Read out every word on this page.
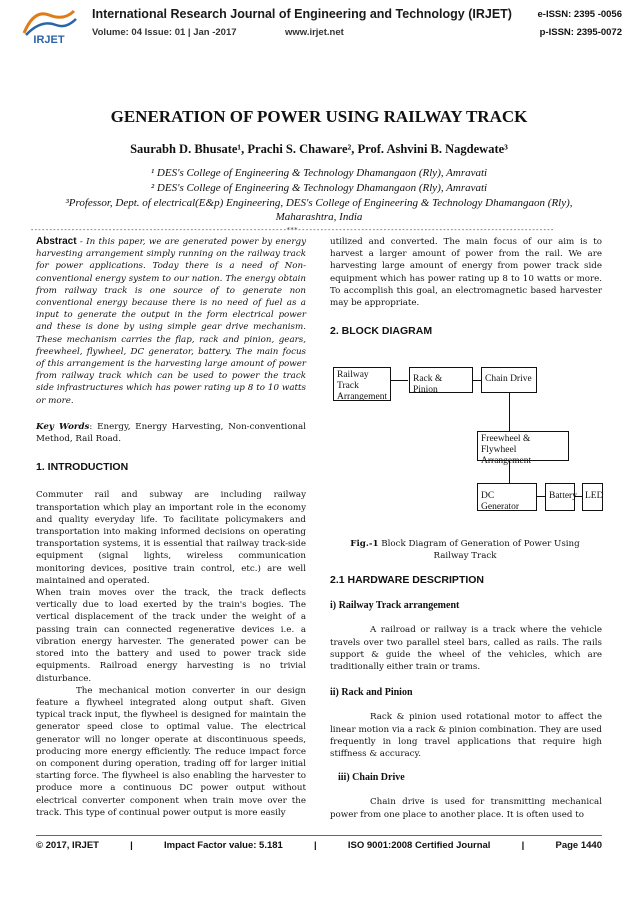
IRJET
International Research Journal of Engineering and Technology (IRJET)
Volume: 04 Issue: 01 | Jan -2017	www.irjet.net
e-ISSN: 2395 -0056
p-ISSN: 2395-0072
GENERATION OF POWER USING RAILWAY TRACK
Saurabh D. Bhusate¹, Prachi S. Chaware², Prof. Ashvini B. Nagdewate³
¹ DES's College of Engineering & Technology Dhamangaon (Rly), Amravati
² DES's College of Engineering & Technology Dhamangaon (Rly), Amravati
³Professor, Dept. of electrical(E&p) Engineering, DES's College of Engineering & Technology Dhamangaon (Rly),
Maharashtra, India
---------------------------------------------------------------------***---------------------------------------------------------------------

Abstract - In this paper, we are generated power by energy harvesting arrangement simply running on the railway track for power applications. Today there is a need of Non-conventional energy system to our nation. The energy obtain from railway track is one source of to generate non conventional energy because there is no need of fuel as a input to generate the output in the form electrical power and these is done by using simple gear drive mechanism. These mechanism carries the flap, rack and pinion, gears, freewheel, flywheel, DC generator, battery. The main focus of this arrangement is the harvesting large amount of power from railway track which can be used to power the track side infrastructures which has power rating up 8 to 10 watts or more.

Key Words: Energy, Energy Harvesting, Non-conventional Method, Rail Road.

1. INTRODUCTION

Commuter rail and subway are including railway transportation which play an important role in the economy and quality everyday life. To facilitate policymakers and transportation into making informed decisions on operating transportation systems, it is essential that railway track-side equipment (signal lights, wireless communication monitoring devices, positive train control, etc.) are well maintained and operated.

When train moves over the track, the track deflects vertically due to load exerted by the train's bogies. The vertical displacement of the track under the weight of a passing train can connected regenerative devices i.e. a vibration energy harvester. The generated power can be stored into the battery and used to power track side equipments. Railroad energy harvesting is no trivial disturbance.

The mechanical motion converter in our design feature a flywheel integrated along output shaft. Given typical track input, the flywheel is designed for maintain the generator speed close to optimal value. The electrical generator will no longer operate at discontinuous speeds, producing more energy efficiently. The reduce impact force on component during operation, trading off for larger initial starting force. The flywheel is also enabling the harvester to produce more a continuous DC power output without electrical converter component when train move over the track. This type of continual power output is more easily

utilized and converted. The main focus of our aim is to harvest a larger amount of power from the rail. We are harvesting large amount of energy from power track side equipment which has power rating up 8 to 10 watts or more. To accomplish this goal, an electromagnetic based harvester may be appropriate.

2. BLOCK DIAGRAM
Railway Track Arrangement
Rack & Pinion
Chain Drive
Freewheel & Flywheel Arrangement
DC Generator
Battery LED
Fig.-1 Block Diagram of Generation of Power Using Railway Track
2.1 HARDWARE DESCRIPTION
i) Railway Track arrangement

A railroad or railway is a track where the vehicle travels over two parallel steel bars, called as rails. The rails support & guide the wheel of the vehicles, which are traditionally either train or trams.

ii) Rack and Pinion

Rack & pinion used rotational motor to affect the linear motion via a rack & pinion combination. They are used frequently in long travel applications that require high stiffness & accuracy.

iii) Chain Drive

Chain drive is used for transmitting mechanical power from one place to another place. It is often used to

© 2017, IRJET	|	Impact Factor value: 5.181	|	ISO 9001:2008 Certified Journal	|	Page 1440
